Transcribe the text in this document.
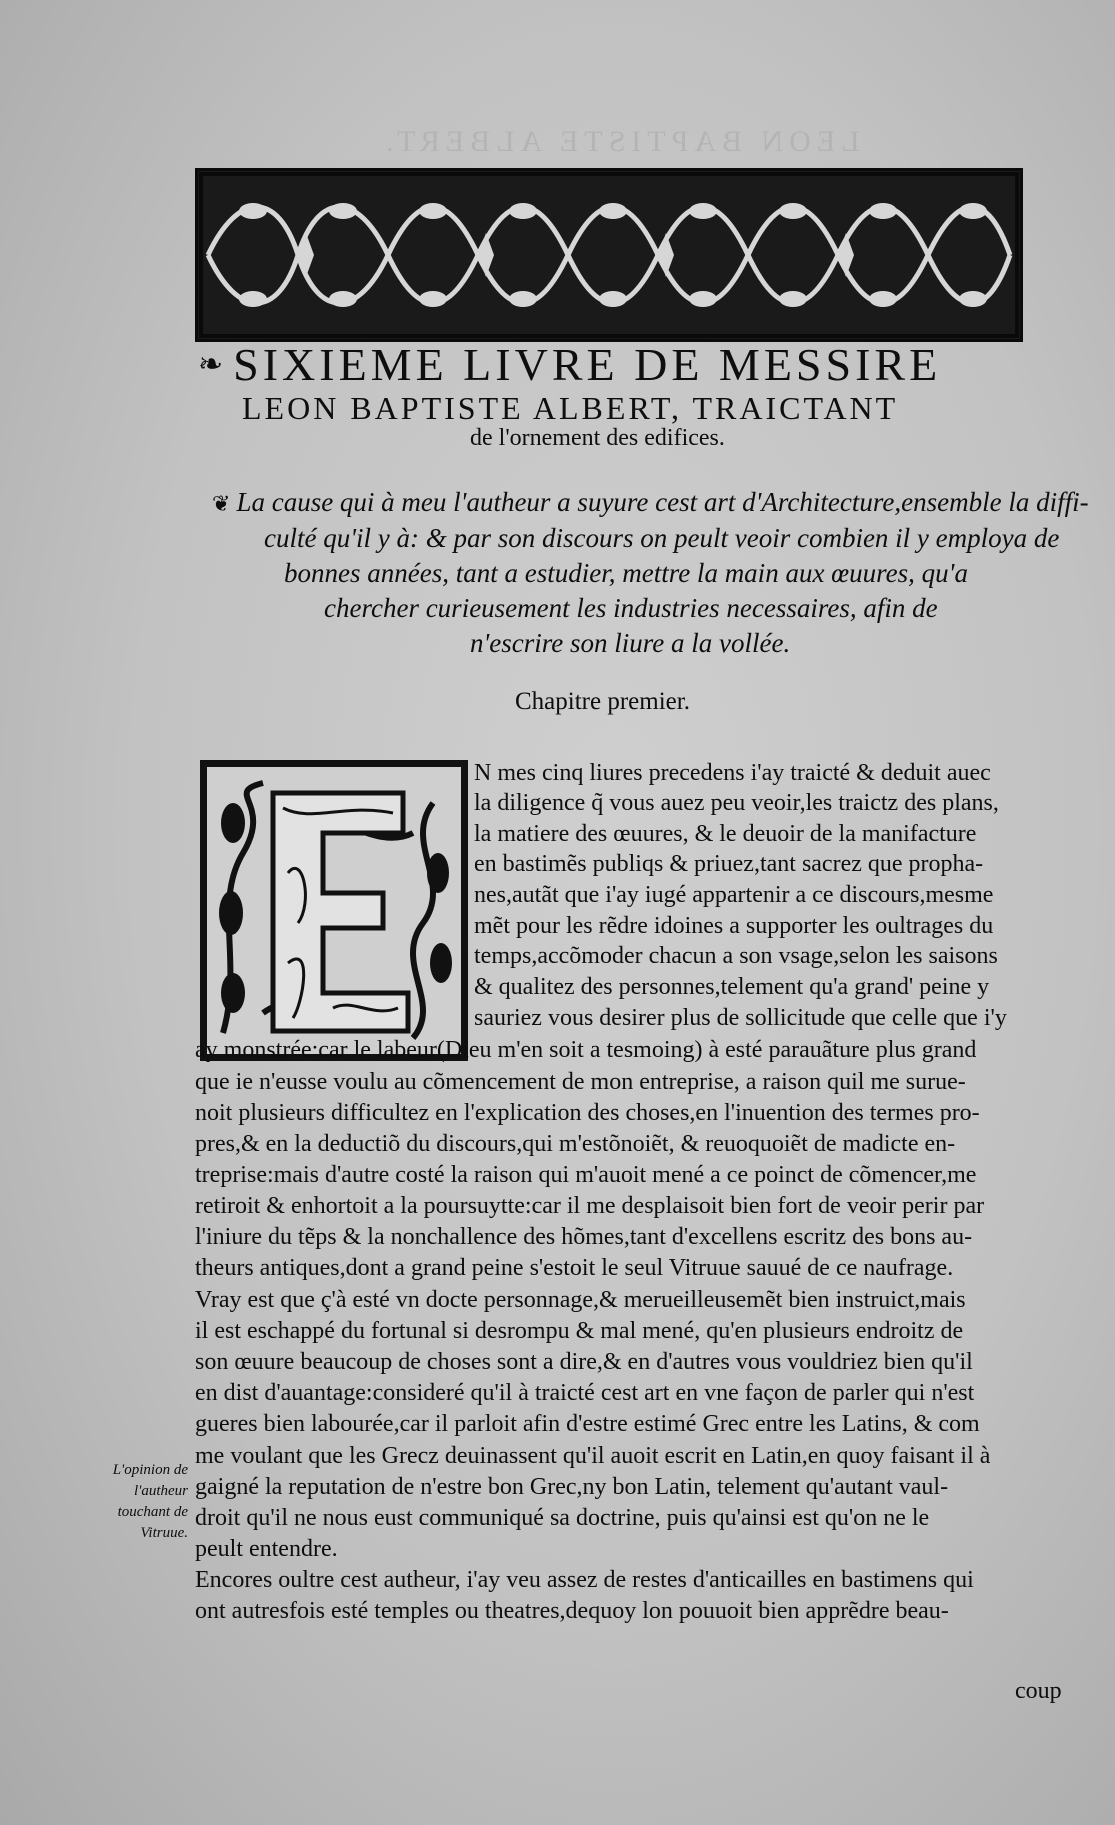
LEON BAPTISTE ALBERT.
❧ SIXIEME LIVRE DE MESSIRE
LEON BAPTISTE ALBERT, TRAICTANT
de l'ornement des edifices.

❦ La cause qui à meu l'autheur a suyure cest art d'Architecture,ensemble la diffi-

culté qu'il y à: & par son discours on peult veoir combien il y employa de

bonnes années, tant a estudier, mettre la main aux œuures, qu'a

chercher curieusement les industries necessaires, afin de

n'escrire son liure a la vollée.

Chapitre premier.
N mes cinq liures precedens i'ay traicté & deduit auec
la diligence q̃ vous auez peu veoir,les traictz des plans,
la matiere des œuures, & le deuoir de la manifacture
en bastimẽs publiqs & priuez,tant sacrez que propha-
nes,autãt que i'ay iugé appartenir a ce discours,mesme
mẽt pour les rẽdre idoines a supporter les oultrages du
temps,accõmoder chacun a son vsage,selon les saisons
& qualitez des personnes,telement qu'a grand' peine y
sauriez vous desirer plus de sollicitude que celle que i'y
ay monstrée:car le labeur(Dieu m'en soit a tesmoing) à esté parauãture plus grand
que ie n'eusse voulu au cõmencement de mon entreprise, a raison quil me surue-
noit plusieurs difficultez en l'explication des choses,en l'inuention des termes pro-
pres,& en la deductiõ du discours,qui m'estõnoiẽt, & reuoquoiẽt de madicte en-
treprise:mais d'autre costé la raison qui m'auoit mené a ce poinct de cõmencer,me
retiroit & enhortoit a la poursuytte:car il me desplaisoit bien fort de veoir perir par
l'iniure du tẽps & la nonchallence des hõmes,tant d'excellens escritz des bons au-
theurs antiques,dont a grand peine s'estoit le seul Vitruue sauué de ce naufrage.
Vray est que ç'à esté vn docte personnage,& merueilleusemẽt bien instruict,mais
il est eschappé du fortunal si desrompu & mal mené, qu'en plusieurs endroitz de
son œuure beaucoup de choses sont a dire,& en d'autres vous vouldriez bien qu'il
en dist d'auantage:consideré qu'il à traicté cest art en vne façon de parler qui n'est
gueres bien labourée,car il parloit afin d'estre estimé Grec entre les Latins, & com
me voulant que les Grecz deuinassent qu'il auoit escrit en Latin,en quoy faisant il à
gaigné la reputation de n'estre bon Grec,ny bon Latin, telement qu'autant vaul-
droit qu'il ne nous eust communiqué sa doctrine, puis qu'ainsi est qu'on ne le
peult entendre.
Encores oultre cest autheur, i'ay veu assez de restes d'anticailles en bastimens qui
ont autresfois esté temples ou theatres,dequoy lon pouuoit bien apprẽdre beau-

L'opinion de

l'autheur

touchant de

Vitruue.

coup
